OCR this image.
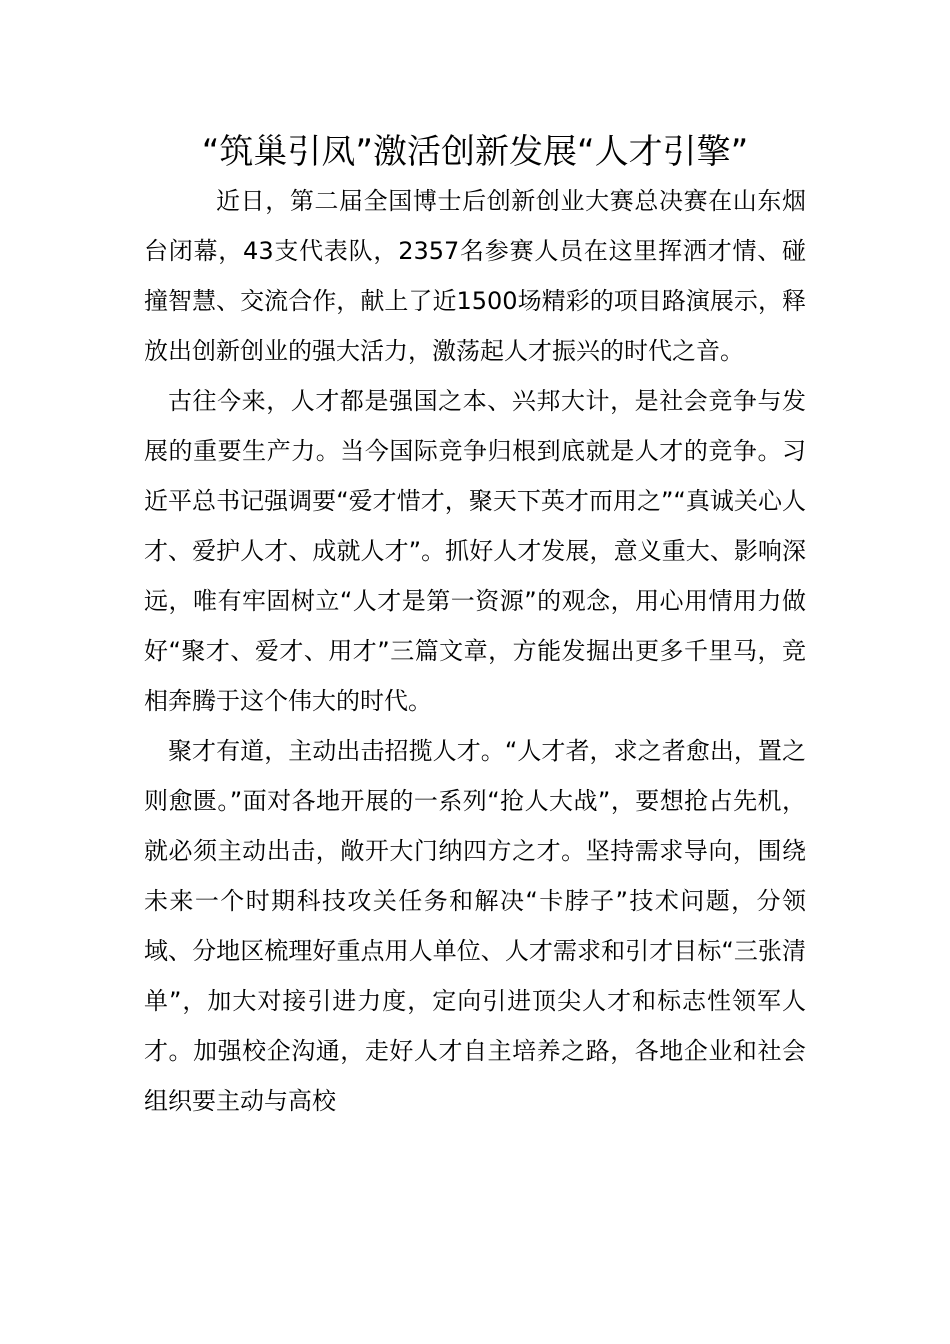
“筑巢引凤”激活创新发展“人才引擎”

近日，第二届全国博士后创新创业大赛总决赛在山东烟台闭幕，43支代表队，2357名参赛人员在这里挥洒才情、碰撞智慧、交流合作，献上了近1500场精彩的项目路演展示，释放出创新创业的强大活力，激荡起人才振兴的时代之音。

古往今来，人才都是强国之本、兴邦大计，是社会竞争与发展的重要生产力。当今国际竞争归根到底就是人才的竞争。习近平总书记强调要“爱才惜才，聚天下英才而用之”“真诚关心人才、爱护人才、成就人才”。抓好人才发展，意义重大、影响深远，唯有牢固树立“人才是第一资源”的观念，用心用情用力做好“聚才、爱才、用才”三篇文章，方能发掘出更多千里马，竞相奔腾于这个伟大的时代。

聚才有道，主动出击招揽人才。“人才者，求之者愈出，置之则愈匮。”面对各地开展的一系列“抢人大战”，要想抢占先机，就必须主动出击，敞开大门纳四方之才。坚持需求导向，围绕未来一个时期科技攻关任务和解决“卡脖子”技术问题，分领域、分地区梳理好重点用人单位、人才需求和引才目标“三张清单”，加大对接引进力度，定向引进顶尖人才和标志性领军人才。加强校企沟通，走好人才自主培养之路，各地企业和社会组织要主动与高校
